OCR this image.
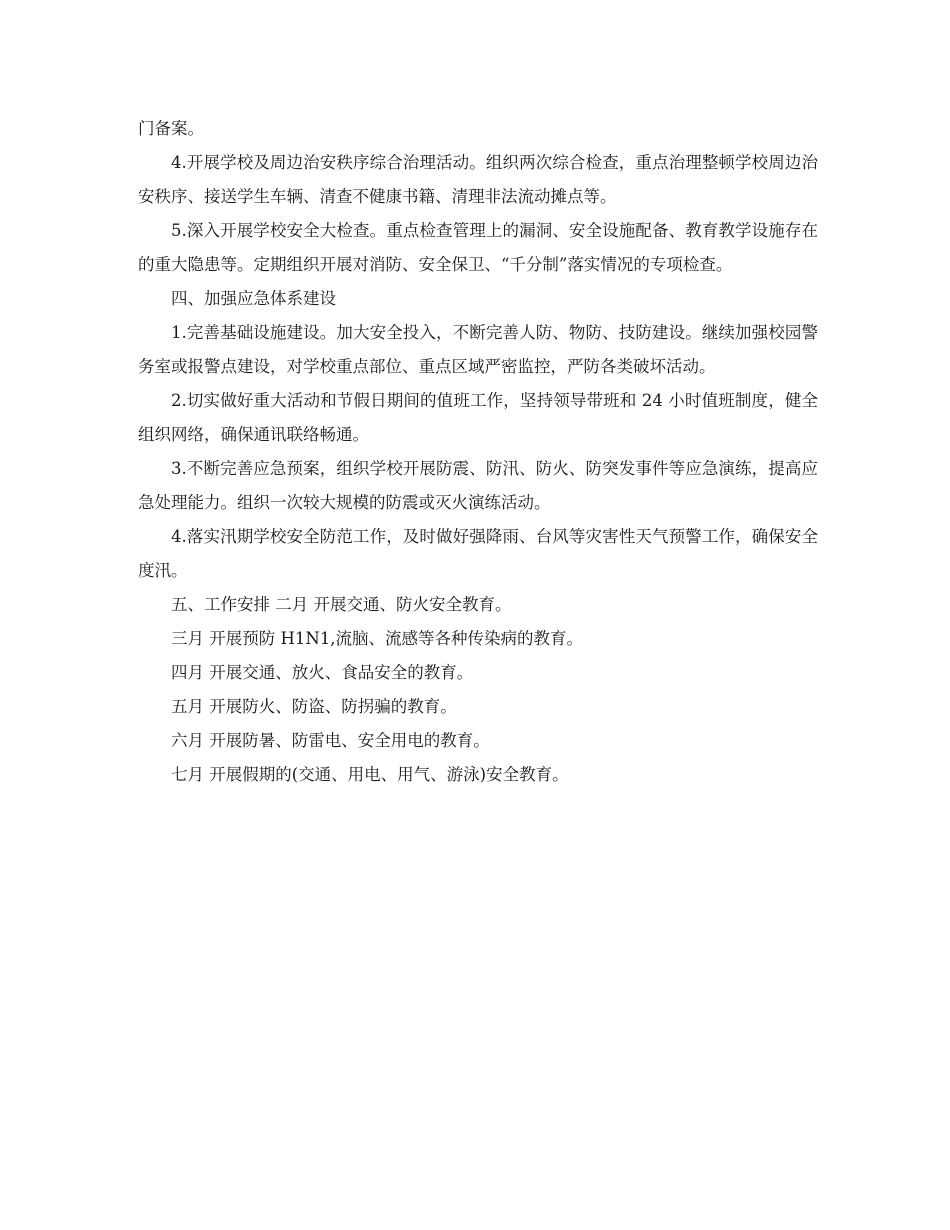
门备案。

4.开展学校及周边治安秩序综合治理活动。组织两次综合检查，重点治理整顿学校周边治安秩序、接送学生车辆、清查不健康书籍、清理非法流动摊点等。

5.深入开展学校安全大检查。重点检查管理上的漏洞、安全设施配备、教育教学设施存在的重大隐患等。定期组织开展对消防、安全保卫、“千分制”落实情况的专项检查。

四、加强应急体系建设

1.完善基础设施建设。加大安全投入，不断完善人防、物防、技防建设。继续加强校园警务室或报警点建设，对学校重点部位、重点区域严密监控，严防各类破坏活动。

2.切实做好重大活动和节假日期间的值班工作，坚持领导带班和 24 小时值班制度，健全组织网络，确保通讯联络畅通。

3.不断完善应急预案，组织学校开展防震、防汛、防火、防突发事件等应急演练，提高应急处理能力。组织一次较大规模的防震或灭火演练活动。

4.落实汛期学校安全防范工作，及时做好强降雨、台风等灾害性天气预警工作，确保安全度汛。

五、工作安排 二月 开展交通、防火安全教育。

三月 开展预防 H1N1,流脑、流感等各种传染病的教育。

四月 开展交通、放火、食品安全的教育。

五月 开展防火、防盗、防拐骗的教育。

六月 开展防暑、防雷电、安全用电的教育。

七月 开展假期的(交通、用电、用气、游泳)安全教育。
